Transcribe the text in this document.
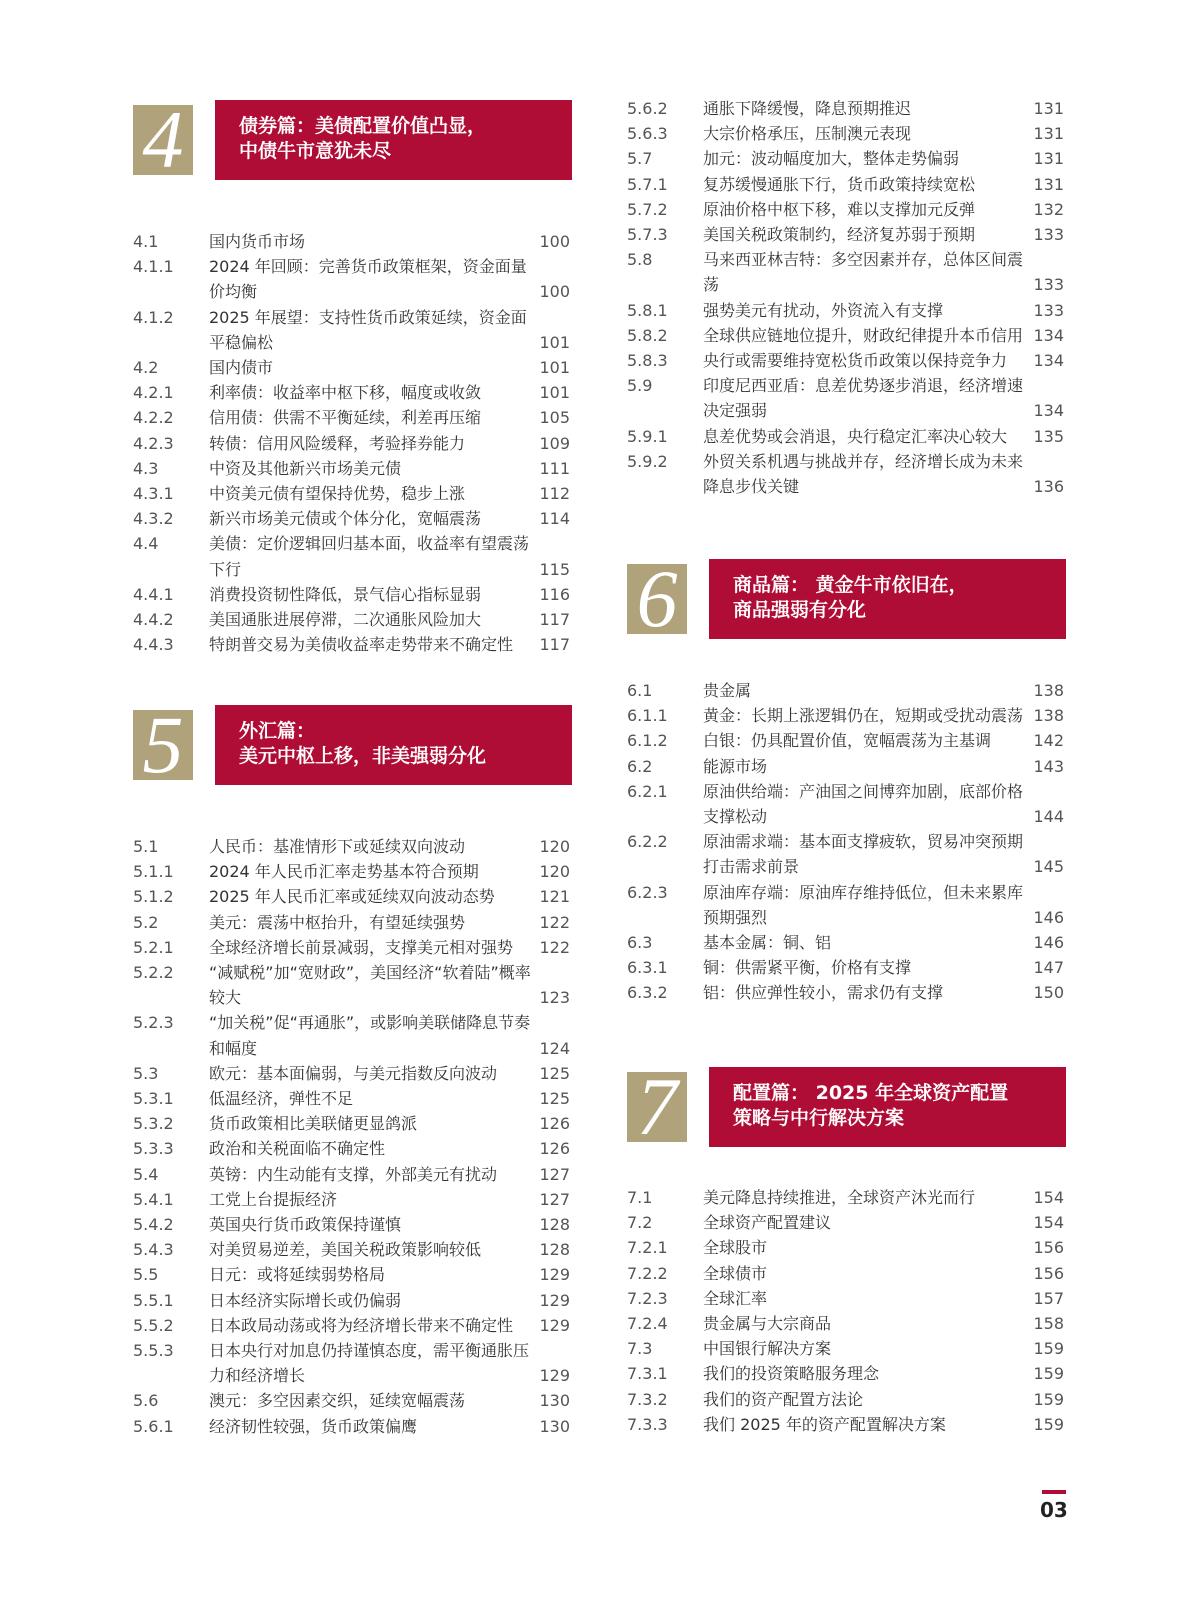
4	债券篇：美债配置价值凸显，
中债牛市意犹未尽
4.1	国内货币市场	100
4.1.1 2024 年回顾：完善货币政策框架，资金面量价均衡	100
4.1.2 2025 年展望：支持性货币政策延续，资金面平稳偏松	101
4.2	国内债市	101
4.2.1 利率债：收益率中枢下移，幅度或收敛	101
4.2.2 信用债：供需不平衡延续，利差再压缩	105
4.2.3 转债：信用风险缓释，考验择券能力	109
4.3	中资及其他新兴市场美元债	111
4.3.1 中资美元债有望保持优势，稳步上涨	112
4.3.2 新兴市场美元债或个体分化，宽幅震荡	114
4.4	美债：定价逻辑回归基本面，收益率有望震荡下行	115
4.4.1 消费投资韧性降低，景气信心指标显弱	116
4.4.2 美国通胀进展停滞，二次通胀风险加大	117
4.4.3 特朗普交易为美债收益率走势带来不确定性	117
5	外汇篇：
美元中枢上移，非美强弱分化
5.1	人民币：基准情形下或延续双向波动	120
5.1.1 2024 年人民币汇率走势基本符合预期	120
5.1.2 2025 年人民币汇率或延续双向波动态势	121
5.2	美元：震荡中枢抬升，有望延续强势	122
5.2.1 全球经济增长前景减弱，支撑美元相对强势	122
5.2.2 “减赋税”加“宽财政”，美国经济“软着陆”概率较大	123
5.2.3 “加关税”促“再通胀”，或影响美联储降息节奏和幅度	124
5.3	欧元：基本面偏弱，与美元指数反向波动	125
5.3.1 低温经济，弹性不足	125
5.3.2 货币政策相比美联储更显鸽派	126
5.3.3 政治和关税面临不确定性	126
5.4	英镑：内生动能有支撑，外部美元有扰动	127
5.4.1 工党上台提振经济	127
5.4.2 英国央行货币政策保持谨慎	128
5.4.3 对美贸易逆差，美国关税政策影响较低	128
5.5	日元：或将延续弱势格局	129
5.5.1 日本经济实际增长或仍偏弱	129
5.5.2 日本政局动荡或将为经济增长带来不确定性	129
5.5.3 日本央行对加息仍持谨慎态度，需平衡通胀压力和经济增长	129
5.6	澳元：多空因素交织，延续宽幅震荡	130
5.6.1 经济韧性较强，货币政策偏鹰	130
5.6.2 通胀下降缓慢，降息预期推迟	131
5.6.3 大宗价格承压，压制澳元表现	131
5.7	加元：波动幅度加大，整体走势偏弱	131
5.7.1 复苏缓慢通胀下行，货币政策持续宽松	131
5.7.2 原油价格中枢下移，难以支撑加元反弹	132
5.7.3 美国关税政策制约，经济复苏弱于预期	133
5.8	马来西亚林吉特：多空因素并存，总体区间震荡	133
5.8.1 强势美元有扰动，外资流入有支撑	133
5.8.2 全球供应链地位提升，财政纪律提升本币信用 134
5.8.3 央行或需要维持宽松货币政策以保持竞争力	134
5.9	印度尼西亚盾：息差优势逐步消退，经济增速决定强弱	134
5.9.1 息差优势或会消退，央行稳定汇率决心较大	135
5.9.2 外贸关系机遇与挑战并存，经济增长成为未来降息步伐关键	136
6	商品篇： 黄金牛市依旧在，
商品强弱有分化
6.1	贵金属	138
6.1.1 黄金：长期上涨逻辑仍在，短期或受扰动震荡 138
6.1.2 白银：仍具配置价值，宽幅震荡为主基调	142
6.2	能源市场	143
6.2.1 原油供给端：产油国之间博弈加剧，底部价格支撑松动	144
6.2.2 原油需求端：基本面支撑疲软，贸易冲突预期打击需求前景	145
6.2.3 原油库存端：原油库存维持低位，但未来累库预期强烈	146
6.3	基本金属：铜、铝	146
6.3.1 铜：供需紧平衡，价格有支撑	147
6.3.2 铝：供应弹性较小，需求仍有支撑	150
7	配置篇： 2025 年全球资产配置
策略与中行解决方案
7.1	美元降息持续推进，全球资产沐光而行	154
7.2	全球资产配置建议	154
7.2.1 全球股市	156
7.2.2 全球债市	156
7.2.3 全球汇率	157
7.2.4 贵金属与大宗商品	158
7.3	中国银行解决方案	159
7.3.1 我们的投资策略服务理念	159
7.3.2 我们的资产配置方法论	159
7.3.3 我们 2025 年的资产配置解决方案	159
03
